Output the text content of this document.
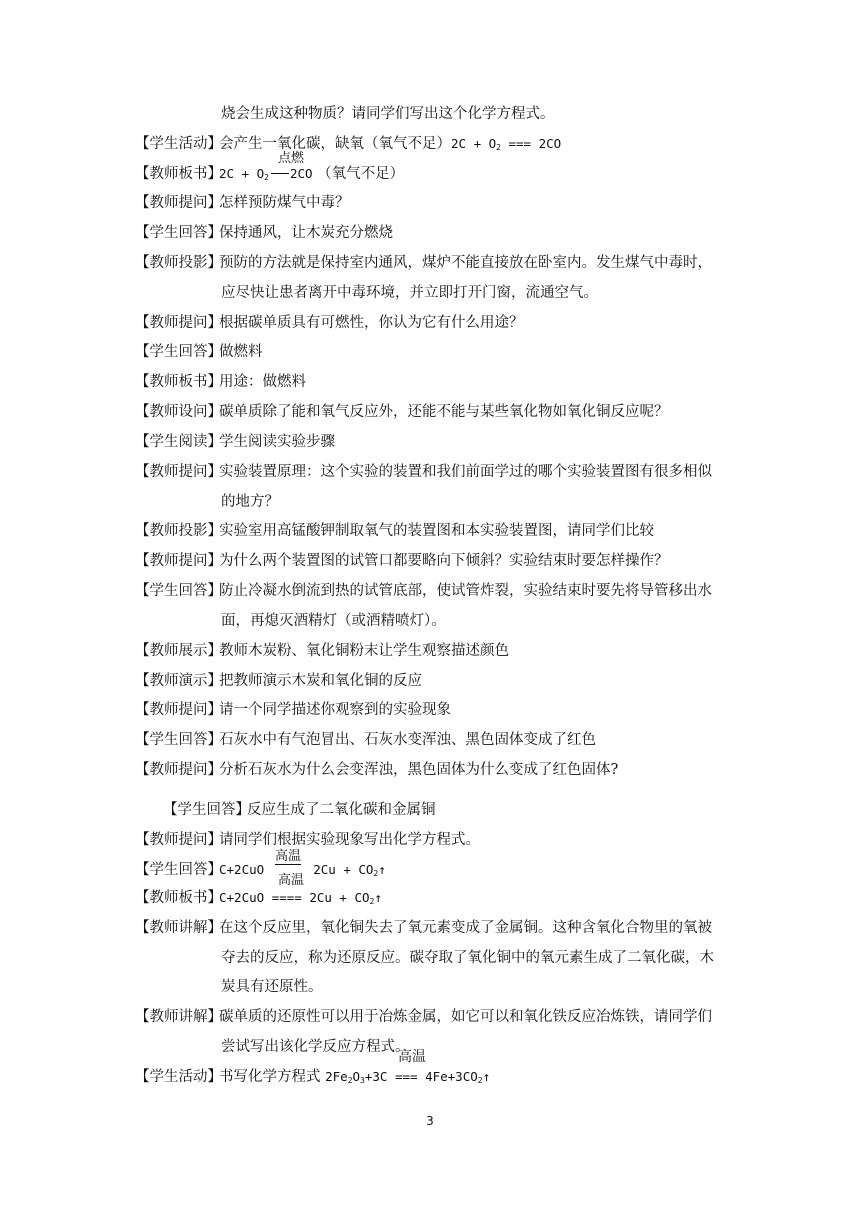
烧会生成这种物质？请同学们写出这个化学方程式。
【学生活动】会产生一氧化碳，缺氧（氧气不足）$2C + O_2$ === 2CO
【教师板书】$2C + O_2$ 2CO （氧气不足）
点燃
【教师提问】怎样预防煤气中毒？
【学生回答】保持通风，让木炭充分燃烧
【教师投影】预防的方法就是保持室内通风，煤炉不能直接放在卧室内。发生煤气中毒时，
应尽快让患者离开中毒环境，并立即打开门窗，流通空气。
【教师提问】根据碳单质具有可燃性，你认为它有什么用途？
【学生回答】做燃料
【教师板书】用途：做燃料
【教师设问】碳单质除了能和氧气反应外，还能不能与某些氧化物如氧化铜反应呢？
【学生阅读】学生阅读实验步骤
【教师提问】实验装置原理：这个实验的装置和我们前面学过的哪个实验装置图有很多相似
的地方？
【教师投影】实验室用高锰酸钾制取氧气的装置图和本实验装置图，请同学们比较
【教师提问】为什么两个装置图的试管口都要略向下倾斜？实验结束时要怎样操作？
【学生回答】防止冷凝水倒流到热的试管底部，使试管炸裂，实验结束时要先将导管移出水
面，再熄灭酒精灯（或酒精喷灯）。
【教师展示】教师木炭粉、氧化铜粉末让学生观察描述颜色
【教师演示】把教师演示木炭和氧化铜的反应
【教师提问】请一个同学描述你观察到的实验现象
【学生回答】石灰水中有气泡冒出、石灰水变浑浊、黑色固体变成了红色
【教师提问】分析石灰水为什么会变浑浊，黑色固体为什么变成了红色固体?
【学生回答】反应生成了二氧化碳和金属铜
【教师提问】请同学们根据实验现象写出化学方程式。
【学生回答】C+2CuO	$2Cu + CO_2↑$
高温
【教师板书】C+2CuO ==== $2Cu + CO_2↑$
高温
【教师讲解】在这个反应里，氧化铜失去了氧元素变成了金属铜。这种含氧化合物里的氧被
夺去的反应，称为还原反应。碳夺取了氧化铜中的氧元素生成了二氧化碳，木
炭具有还原性。
【教师讲解】碳单质的还原性可以用于冶炼金属，如它可以和氧化铁反应冶炼铁，请同学们
尝试写出该化学反应方程式。
【学生活动】书写化学方程式 $2Fe_2O_3+3C$ === $4Fe+3CO_2↑$
高温
3
